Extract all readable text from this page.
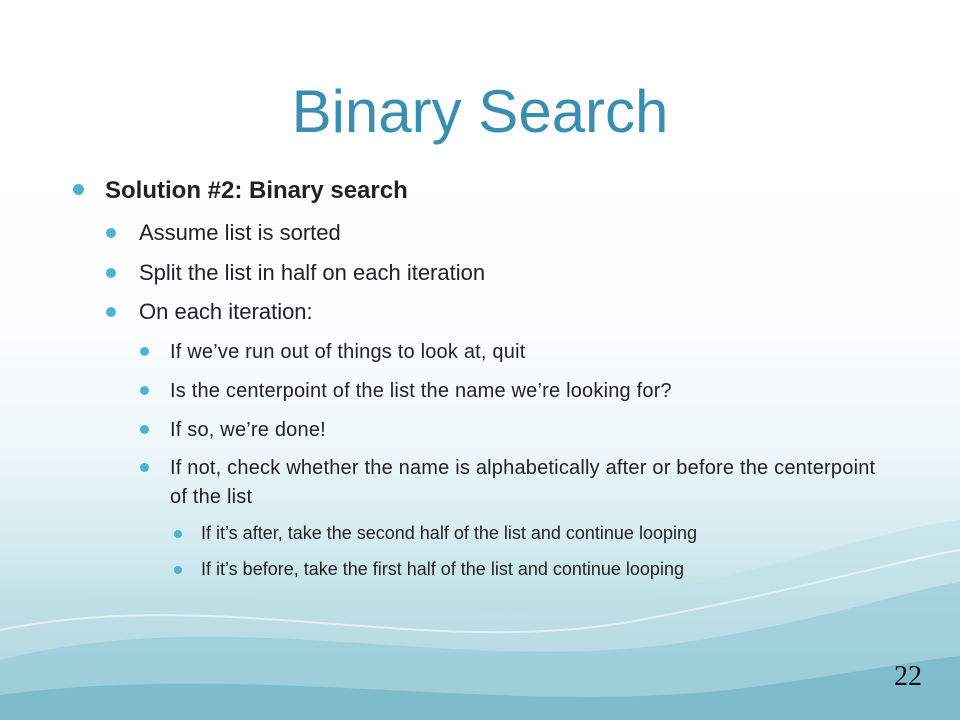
Binary Search
Solution #2: Binary search
Assume list is sorted
Split the list in half on each iteration
On each iteration:
If we’ve run out of things to look at, quit
Is the centerpoint of the list the name we’re looking for?
If so, we’re done!
If not, check whether the name is alphabetically after or before the centerpoint of the list
If it’s after, take the second half of the list and continue looping
If it’s before, take the first half of the list and continue looping
22
